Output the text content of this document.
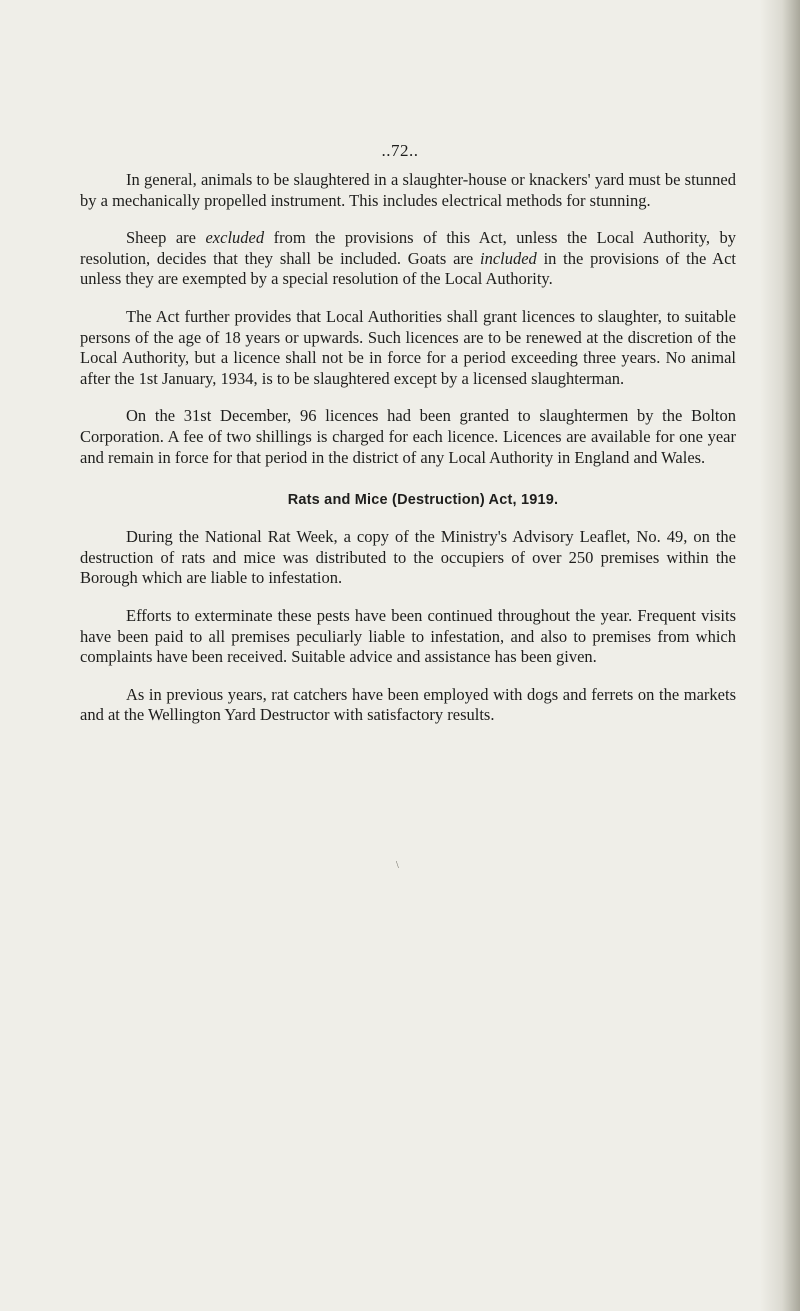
..72..

In general, animals to be slaughtered in a slaughter-house or knackers' yard must be stunned by a mechanically propelled instrument. This includes electrical methods for stunning.

Sheep are excluded from the provisions of this Act, unless the Local Authority, by resolution, decides that they shall be included. Goats are included in the provisions of the Act unless they are exempted by a special resolution of the Local Authority.

The Act further provides that Local Authorities shall grant licences to slaughter, to suitable persons of the age of 18 years or upwards. Such licences are to be renewed at the discretion of the Local Authority, but a licence shall not be in force for a period exceeding three years. No animal after the 1st January, 1934, is to be slaughtered except by a licensed slaughterman.

On the 31st December, 96 licences had been granted to slaughtermen by the Bolton Corporation. A fee of two shillings is charged for each licence. Licences are available for one year and remain in force for that period in the district of any Local Authority in England and Wales.

Rats and Mice (Destruction) Act, 1919.

During the National Rat Week, a copy of the Ministry's Advisory Leaflet, No. 49, on the destruction of rats and mice was distributed to the occupiers of over 250 premises within the Borough which are liable to infestation.

Efforts to exterminate these pests have been continued throughout the year. Frequent visits have been paid to all premises peculiarly liable to infestation, and also to premises from which complaints have been received. Suitable advice and assistance has been given.

As in previous years, rat catchers have been employed with dogs and ferrets on the markets and at the Wellington Yard Destructor with satisfactory results.

\
